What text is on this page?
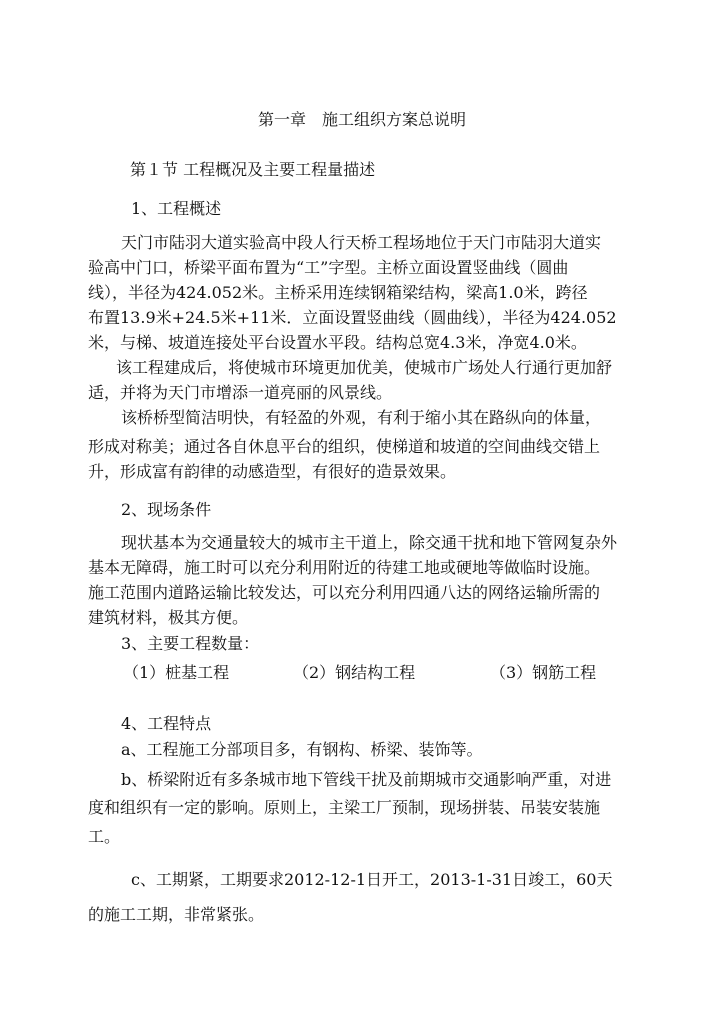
第一章　施工组织方案总说明
第１节 工程概况及主要工程量描述
1、工程概述
天门市陆羽大道实验高中段人行天桥工程场地位于天门市陆羽大道实
验高中门口，桥梁平面布置为“工”字型。主桥立面设置竖曲线（圆曲
线），半径为424.052米。主桥采用连续钢箱梁结构，梁高1.0米，跨径
布置13.9米+24.5米+11米．立面设置竖曲线（圆曲线），半径为424.052
米，与梯、坡道连接处平台设置水平段。结构总宽4.3米，净宽4.0米。
该工程建成后，将使城市环境更加优美，使城市广场处人行通行更加舒
适，并将为天门市增添一道亮丽的风景线。
该桥桥型简洁明快，有轻盈的外观，有利于缩小其在路纵向的体量，
形成对称美；通过各自休息平台的组织，使梯道和坡道的空间曲线交错上
升，形成富有韵律的动感造型，有很好的造景效果。
2、现场条件
现状基本为交通量较大的城市主干道上，除交通干扰和地下管网复杂外
基本无障碍，施工时可以充分利用附近的待建工地或硬地等做临时设施。
施工范围内道路运输比较发达，可以充分利用四通八达的网络运输所需的
建筑材料，极其方便。
3、主要工程数量：
（1）桩基工程	（2）钢结构工程	（3）钢筋工程
4、工程特点
a、工程施工分部项目多，有钢构、桥梁、装饰等。
b、桥梁附近有多条城市地下管线干扰及前期城市交通影响严重，对进
度和组织有一定的影响。原则上，主梁工厂预制，现场拼装、吊装安装施
工。
c、工期紧，工期要求2012-12-1日开工，2013-1-31日竣工，60天
的施工工期，非常紧张。
